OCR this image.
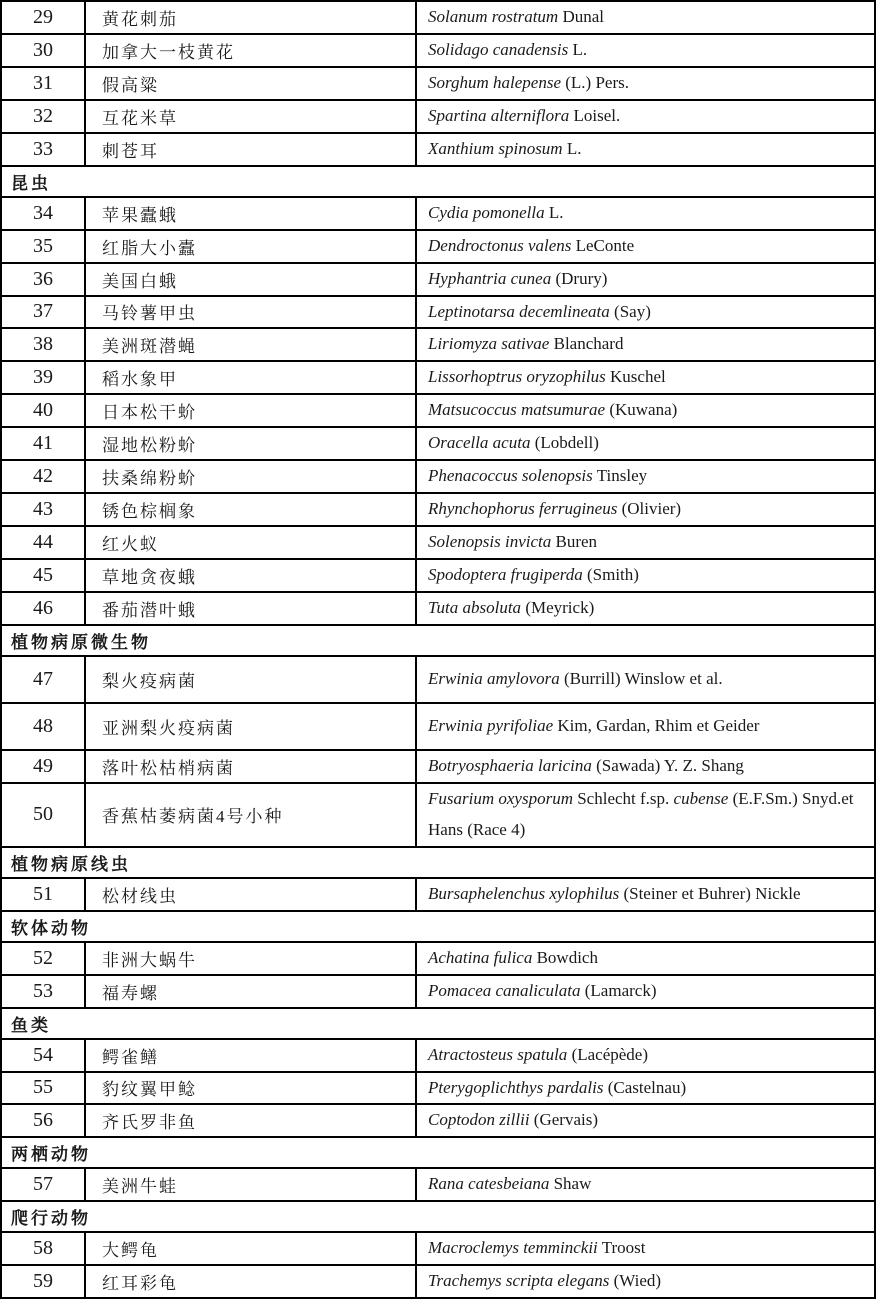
29	黄花刺茄	Solanum rostratum Dunal
30	加拿大一枝黄花	Solidago canadensis L.
31	假高粱	Sorghum halepense (L.) Pers.
32	互花米草	Spartina alterniflora Loisel.
33	刺苍耳	Xanthium spinosum L.
昆虫		
34	苹果蠹蛾	Cydia pomonella L.
35	红脂大小蠹	Dendroctonus valens LeConte
36	美国白蛾	Hyphantria cunea (Drury)
37	马铃薯甲虫	Leptinotarsa decemlineata (Say)
38	美洲斑潜蝇	Liriomyza sativae Blanchard
39	稻水象甲	Lissorhoptrus oryzophilus Kuschel
40	日本松干蚧	Matsucoccus matsumurae (Kuwana)
41	湿地松粉蚧	Oracella acuta (Lobdell)
42	扶桑绵粉蚧	Phenacoccus solenopsis Tinsley
43	锈色棕榈象	Rhynchophorus ferrugineus (Olivier)
44	红火蚁	Solenopsis invicta Buren
45	草地贪夜蛾	Spodoptera frugiperda (Smith)
46	番茄潜叶蛾	Tuta absoluta (Meyrick)
植物病原微生物		
47	梨火疫病菌	Erwinia amylovora (Burrill) Winslow et al.
48	亚洲梨火疫病菌	Erwinia pyrifoliae Kim, Gardan, Rhim et Geider
49	落叶松枯梢病菌	Botryosphaeria laricina (Sawada) Y. Z. Shang
50	香蕉枯萎病菌4号小种	Fusarium oxysporum Schlecht f.sp. cubense (E.F.Sm.) Snyd.et Hans (Race 4)
植物病原线虫		
51	松材线虫	Bursaphelenchus xylophilus (Steiner et Buhrer) Nickle
软体动物		
52	非洲大蜗牛	Achatina fulica Bowdich
53	福寿螺	Pomacea canaliculata (Lamarck)
鱼类		
54	鳄雀鳝	Atractosteus spatula (Lacépède)
55	豹纹翼甲鲶	Pterygoplichthys pardalis (Castelnau)
56	齐氏罗非鱼	Coptodon zillii (Gervais)
两栖动物		
57	美洲牛蛙	Rana catesbeiana Shaw
爬行动物		
58	大鳄龟	Macroclemys temminckii Troost
59	红耳彩龟	Trachemys scripta elegans (Wied)
